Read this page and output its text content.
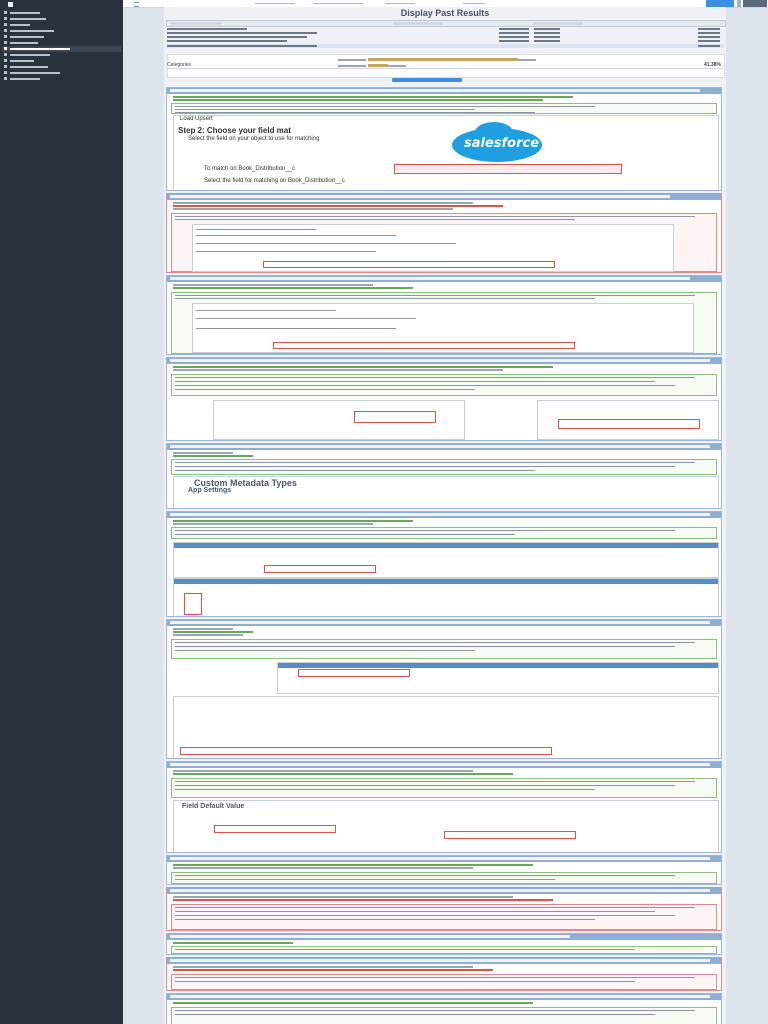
Display Past Results
Categories	41.38%
Load Upsert
Step 2: Choose your field mat
Select the field on your object to use for matching	salesforce
To match on Book_Distribution__c
Select the field for matching on Book_Distribution__c
Custom Metadata Types
App Settings
Field Default Value
